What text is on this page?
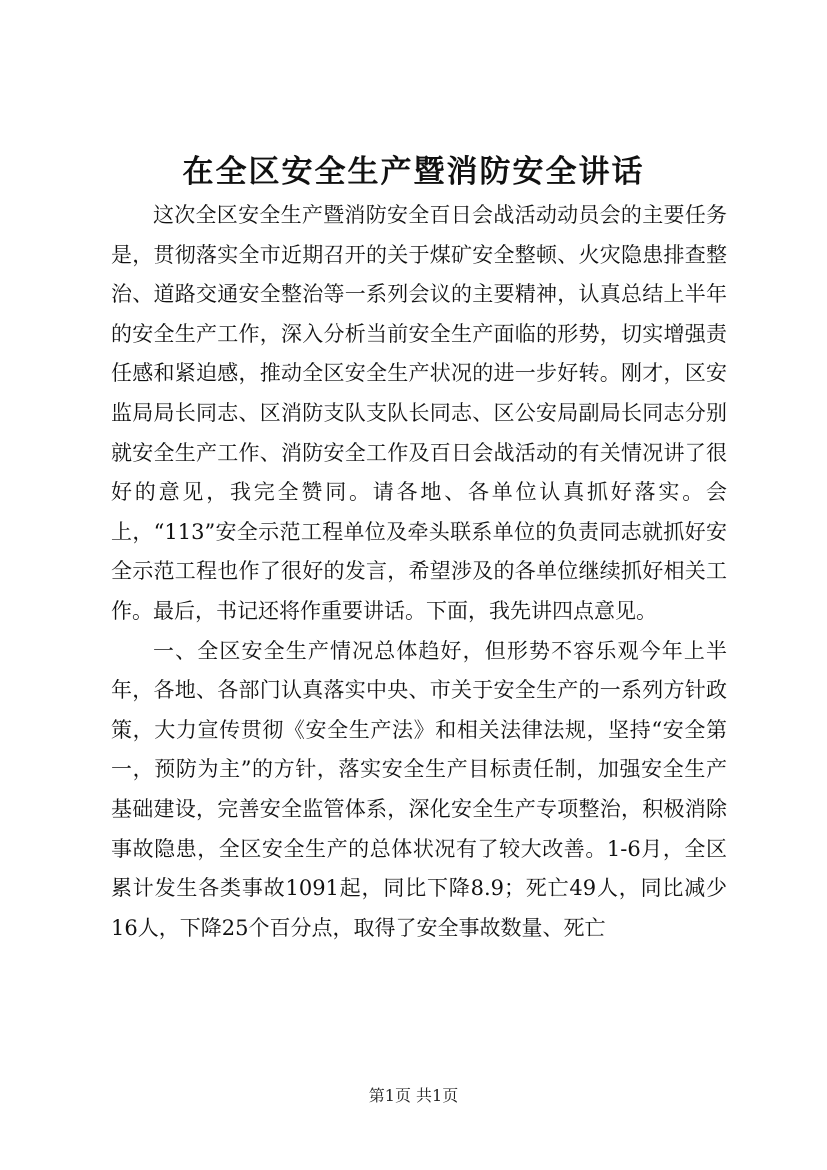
在全区安全生产暨消防安全讲话

这次全区安全生产暨消防安全百日会战活动动员会的主要任务是，贯彻落实全市近期召开的关于煤矿安全整顿、火灾隐患排查整治、道路交通安全整治等一系列会议的主要精神，认真总结上半年的安全生产工作，深入分析当前安全生产面临的形势，切实增强责任感和紧迫感，推动全区安全生产状况的进一步好转。刚才，区安监局局长同志、区消防支队支队长同志、区公安局副局长同志分别就安全生产工作、消防安全工作及百日会战活动的有关情况讲了很好的意见，我完全赞同。请各地、各单位认真抓好落实。会上，“113”安全示范工程单位及牵头联系单位的负责同志就抓好安全示范工程也作了很好的发言，希望涉及的各单位继续抓好相关工作。最后，书记还将作重要讲话。下面，我先讲四点意见。

一、全区安全生产情况总体趋好，但形势不容乐观今年上半年，各地、各部门认真落实中央、市关于安全生产的一系列方针政策，大力宣传贯彻《安全生产法》和相关法律法规，坚持“安全第一，预防为主”的方针，落实安全生产目标责任制，加强安全生产基础建设，完善安全监管体系，深化安全生产专项整治，积极消除事故隐患，全区安全生产的总体状况有了较大改善。1-6月，全区累计发生各类事故1091起，同比下降8.9；死亡49人，同比减少16人，下降25个百分点，取得了安全事故数量、死亡

第1页 共1页
